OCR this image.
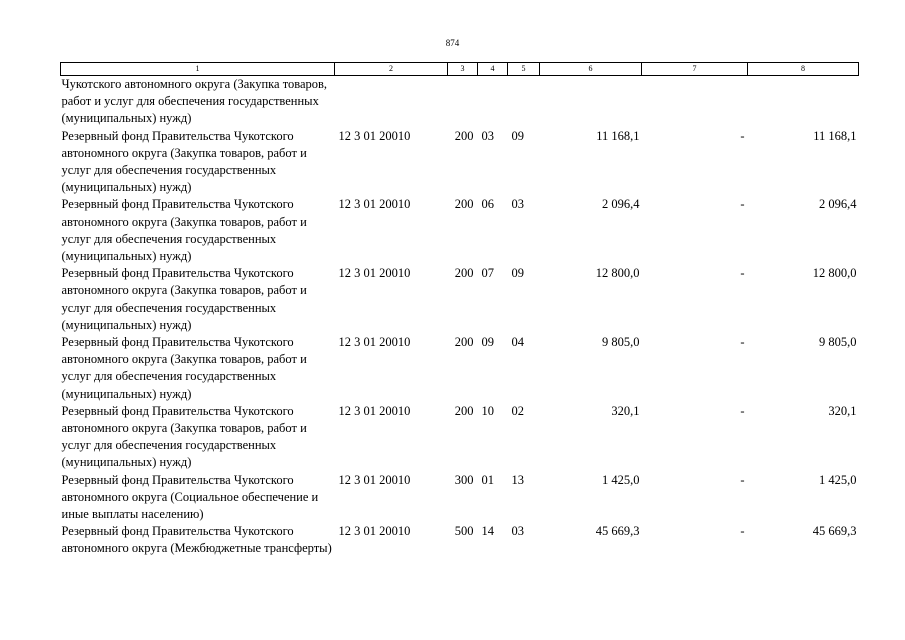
874
1	2	3	4	5	6	7	8
Чукотского автономного округа (Закупка товаров, работ и услуг для обеспечения государственных (муниципальных) нужд)							
Резервный фонд Правительства Чукотского автономного округа (Закупка товаров, работ и услуг для обеспечения государственных (муниципальных) нужд)	12 3 01 20010	200	03	09	11 168,1	-	11 168,1
Резервный фонд Правительства Чукотского автономного округа (Закупка товаров, работ и услуг для обеспечения государственных (муниципальных) нужд)	12 3 01 20010	200	06	03	2 096,4	-	2 096,4
Резервный фонд Правительства Чукотского автономного округа (Закупка товаров, работ и услуг для обеспечения государственных (муниципальных) нужд)	12 3 01 20010	200	07	09	12 800,0	-	12 800,0
Резервный фонд Правительства Чукотского автономного округа (Закупка товаров, работ и услуг для обеспечения государственных (муниципальных) нужд)	12 3 01 20010	200	09	04	9 805,0	-	9 805,0
Резервный фонд Правительства Чукотского автономного округа (Закупка товаров, работ и услуг для обеспечения государственных (муниципальных) нужд)	12 3 01 20010	200	10	02	320,1	-	320,1
Резервный фонд Правительства Чукотского автономного округа (Социальное обеспечение и иные выплаты населению)	12 3 01 20010	300	01	13	1 425,0	-	1 425,0
Резервный фонд Правительства Чукотского автономного округа (Межбюджетные трансферты)	12 3 01 20010	500	14	03	45 669,3	-	45 669,3
